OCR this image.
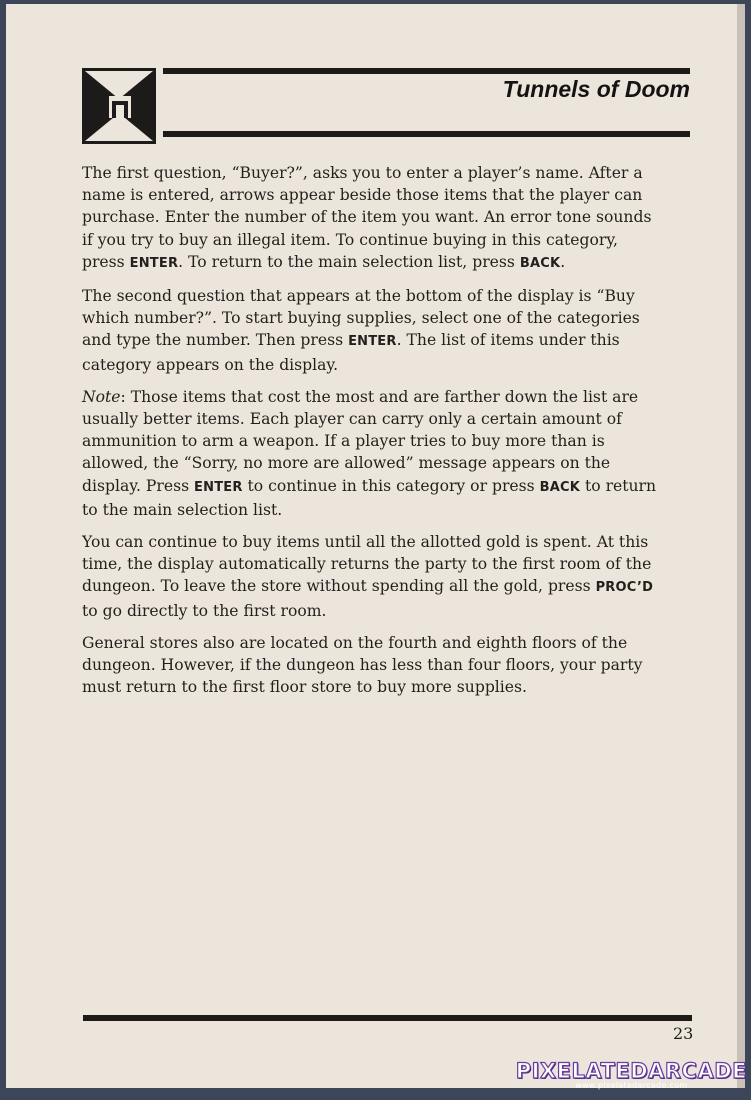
Tunnels of Doom

The first question, “Buyer?”, asks you to enter a player’s name. After a name is entered, arrows appear beside those items that the player can purchase. Enter the number of the item you want. An error tone sounds if you try to buy an illegal item. To continue buying in this category, press ENTER. To return to the main selection list, press BACK.

The second question that appears at the bottom of the display is “Buy which number?”. To start buying supplies, select one of the categories and type the number. Then press ENTER. The list of items under this category appears on the display.

Note: Those items that cost the most and are farther down the list are usually better items. Each player can carry only a certain amount of ammunition to arm a weapon. If a player tries to buy more than is allowed, the “Sorry, no more are allowed” message appears on the display. Press ENTER to continue in this category or press BACK to return to the main selection list.

You can continue to buy items until all the allotted gold is spent. At this time, the display automatically returns the party to the first room of the dungeon. To leave the store without spending all the gold, press PROC’D to go directly to the first room.

General stores also are located on the fourth and eighth floors of the dungeon. However, if the dungeon has less than four floors, your party must return to the first floor store to buy more supplies.

23
PIXELATEDARCADE
www.pixelatedarcade.com
